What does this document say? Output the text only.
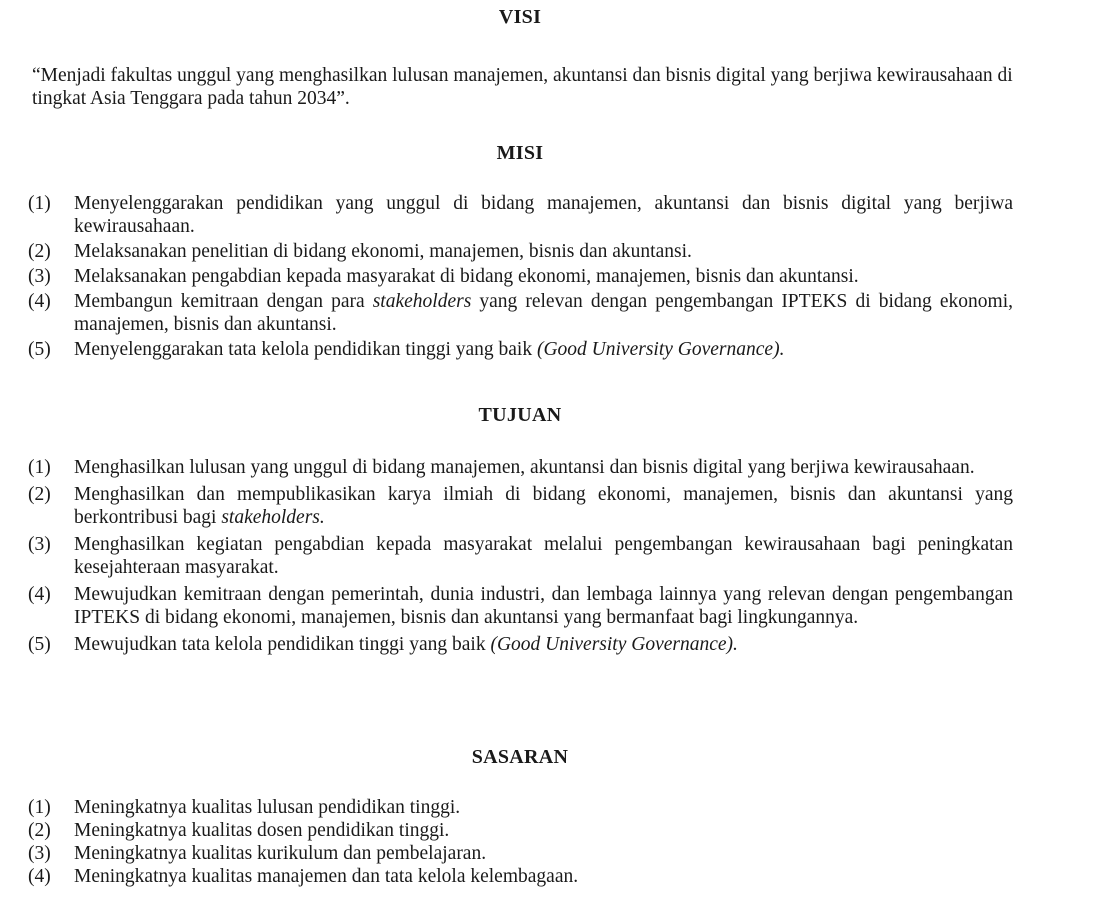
VISI
“Menjadi fakultas unggul yang menghasilkan lulusan manajemen, akuntansi dan bisnis digital yang berjiwa kewirausahaan di tingkat Asia Tenggara pada tahun 2034”.
MISI
(1) Menyelenggarakan pendidikan yang unggul di bidang manajemen, akuntansi dan bisnis digital yang berjiwa kewirausahaan.
(2) Melaksanakan penelitian di bidang ekonomi, manajemen, bisnis dan akuntansi.
(3) Melaksanakan pengabdian kepada masyarakat di bidang ekonomi, manajemen, bisnis dan akuntansi.
(4) Membangun kemitraan dengan para stakeholders yang relevan dengan pengembangan IPTEKS di bidang ekonomi, manajemen, bisnis dan akuntansi.
(5) Menyelenggarakan tata kelola pendidikan tinggi yang baik (Good University Governance).
TUJUAN
(1) Menghasilkan lulusan yang unggul di bidang manajemen, akuntansi dan bisnis digital yang berjiwa kewirausahaan.
(2) Menghasilkan dan mempublikasikan karya ilmiah di bidang ekonomi, manajemen, bisnis dan akuntansi yang berkontribusi bagi stakeholders.
(3) Menghasilkan kegiatan pengabdian kepada masyarakat melalui pengembangan kewirausahaan bagi peningkatan kesejahteraan masyarakat.
(4) Mewujudkan kemitraan dengan pemerintah, dunia industri, dan lembaga lainnya yang relevan dengan pengembangan IPTEKS di bidang ekonomi, manajemen, bisnis dan akuntansi yang bermanfaat bagi lingkungannya.
(5) Mewujudkan tata kelola pendidikan tinggi yang baik (Good University Governance).
SASARAN
(1) Meningkatnya kualitas lulusan pendidikan tinggi.
(2) Meningkatnya kualitas dosen pendidikan tinggi.
(3) Meningkatnya kualitas kurikulum dan pembelajaran.
(4) Meningkatnya kualitas manajemen dan tata kelola kelembagaan.
